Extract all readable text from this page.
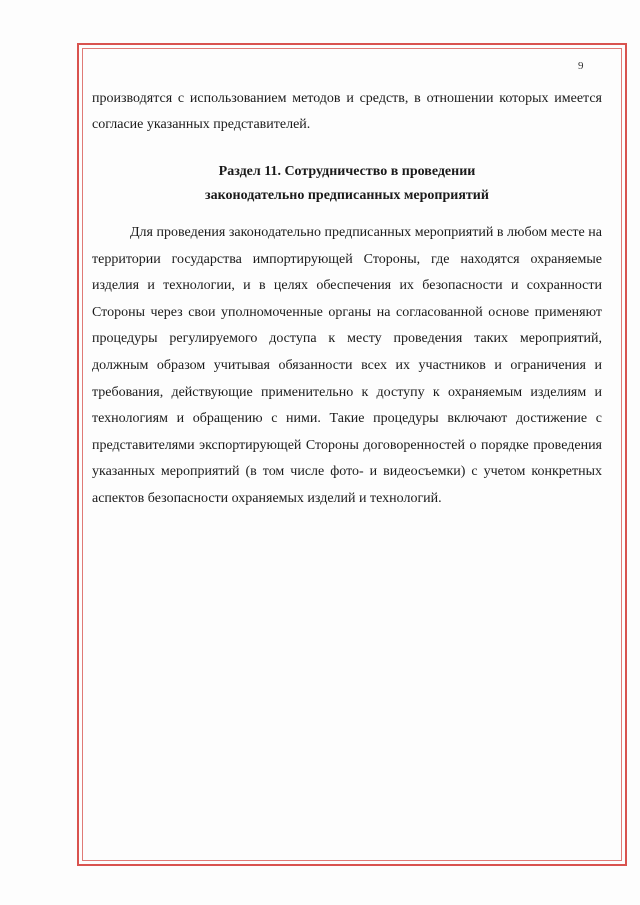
9

производятся с использованием методов и средств, в отношении которых имеется согласие указанных представителей.

Раздел 11. Сотрудничество в проведении
законодательно предписанных мероприятий

Для проведения законодательно предписанных мероприятий в любом месте на территории государства импортирующей Стороны, где находятся охраняемые изделия и технологии, и в целях обеспечения их безопасности и сохранности Стороны через свои уполномоченные органы на согласованной основе применяют процедуры регулируемого доступа к месту проведения таких мероприятий, должным образом учитывая обязанности всех их участников и ограничения и требования, действующие применительно к доступу к охраняемым изделиям и технологиям и обращению с ними. Такие процедуры включают достижение с представителями экспортирующей Стороны договоренностей о порядке проведения указанных мероприятий (в том числе фото- и видеосъемки) с учетом конкретных аспектов безопасности охраняемых изделий и технологий.
